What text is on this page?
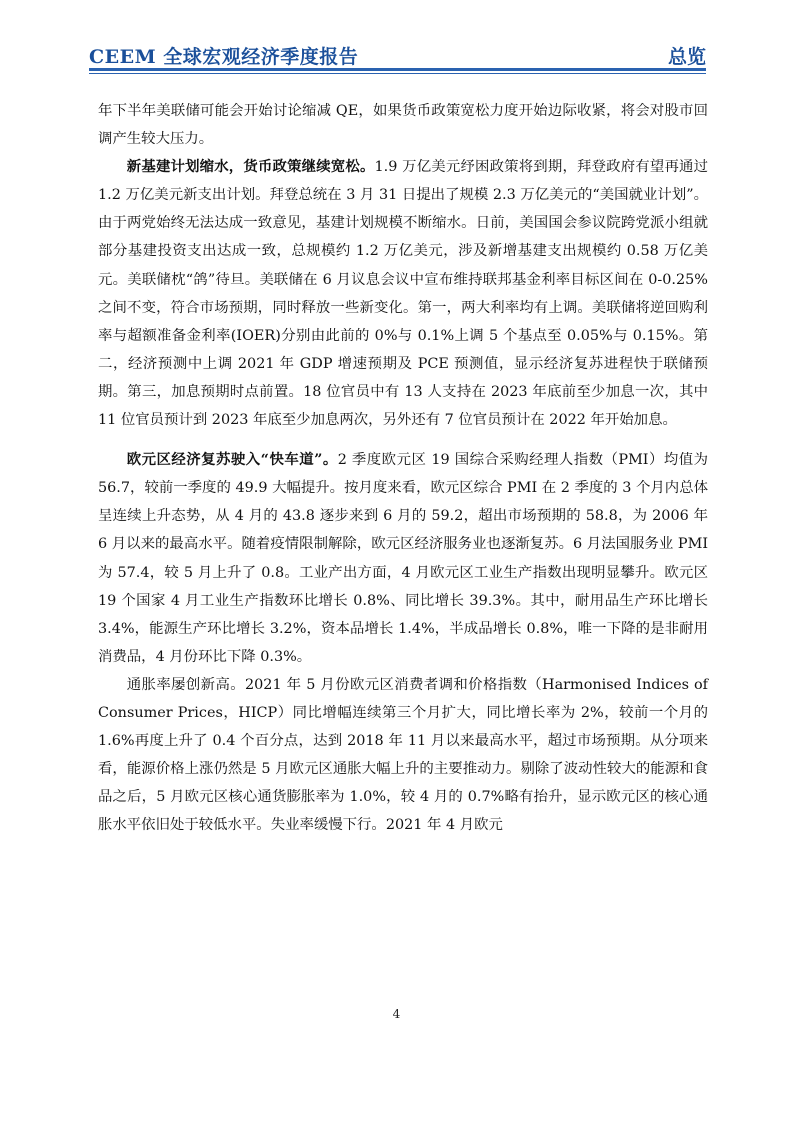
CEEM 全球宏观经济季度报告	总览

年下半年美联储可能会开始讨论缩减 QE，如果货币政策宽松力度开始边际收紧，将会对股市回调产生较大压力。

新基建计划缩水，货币政策继续宽松。1.9 万亿美元纾困政策将到期，拜登政府有望再通过 1.2 万亿美元新支出计划。拜登总统在 3 月 31 日提出了规模 2.3 万亿美元的“美国就业计划”。由于两党始终无法达成一致意见，基建计划规模不断缩水。日前，美国国会参议院跨党派小组就部分基建投资支出达成一致，总规模约 1.2 万亿美元，涉及新增基建支出规模约 0.58 万亿美元。美联储枕“鸽”待旦。美联储在 6 月议息会议中宣布维持联邦基金利率目标区间在 0-0.25%之间不变，符合市场预期，同时释放一些新变化。第一，两大利率均有上调。美联储将逆回购利率与超额准备金利率(IOER)分别由此前的 0%与 0.1%上调 5 个基点至 0.05%与 0.15%。第二，经济预测中上调 2021 年 GDP 增速预期及 PCE 预测值，显示经济复苏进程快于联储预期。第三，加息预期时点前置。18 位官员中有 13 人支持在 2023 年底前至少加息一次，其中 11 位官员预计到 2023 年底至少加息两次，另外还有 7 位官员预计在 2022 年开始加息。

欧元区经济复苏驶入“快车道”。2 季度欧元区 19 国综合采购经理人指数（PMI）均值为 56.7，较前一季度的 49.9 大幅提升。按月度来看，欧元区综合 PMI 在 2 季度的 3 个月内总体呈连续上升态势，从 4 月的 43.8 逐步来到 6 月的 59.2，超出市场预期的 58.8，为 2006 年 6 月以来的最高水平。随着疫情限制解除，欧元区经济服务业也逐渐复苏。6 月法国服务业 PMI 为 57.4，较 5 月上升了 0.8。工业产出方面，4 月欧元区工业生产指数出现明显攀升。欧元区 19 个国家 4 月工业生产指数环比增长 0.8%、同比增长 39.3%。其中，耐用品生产环比增长 3.4%，能源生产环比增长 3.2%，资本品增长 1.4%，半成品增长 0.8%，唯一下降的是非耐用消费品，4 月份环比下降 0.3%。

通胀率屡创新高。2021 年 5 月份欧元区消费者调和价格指数（Harmonised Indices of Consumer Prices，HICP）同比增幅连续第三个月扩大，同比增长率为 2%，较前一个月的 1.6%再度上升了 0.4 个百分点，达到 2018 年 11 月以来最高水平，超过市场预期。从分项来看，能源价格上涨仍然是 5 月欧元区通胀大幅上升的主要推动力。剔除了波动性较大的能源和食品之后，5 月欧元区核心通货膨胀率为 1.0%，较 4 月的 0.7%略有抬升，显示欧元区的核心通胀水平依旧处于较低水平。失业率缓慢下行。2021 年 4 月欧元

4
